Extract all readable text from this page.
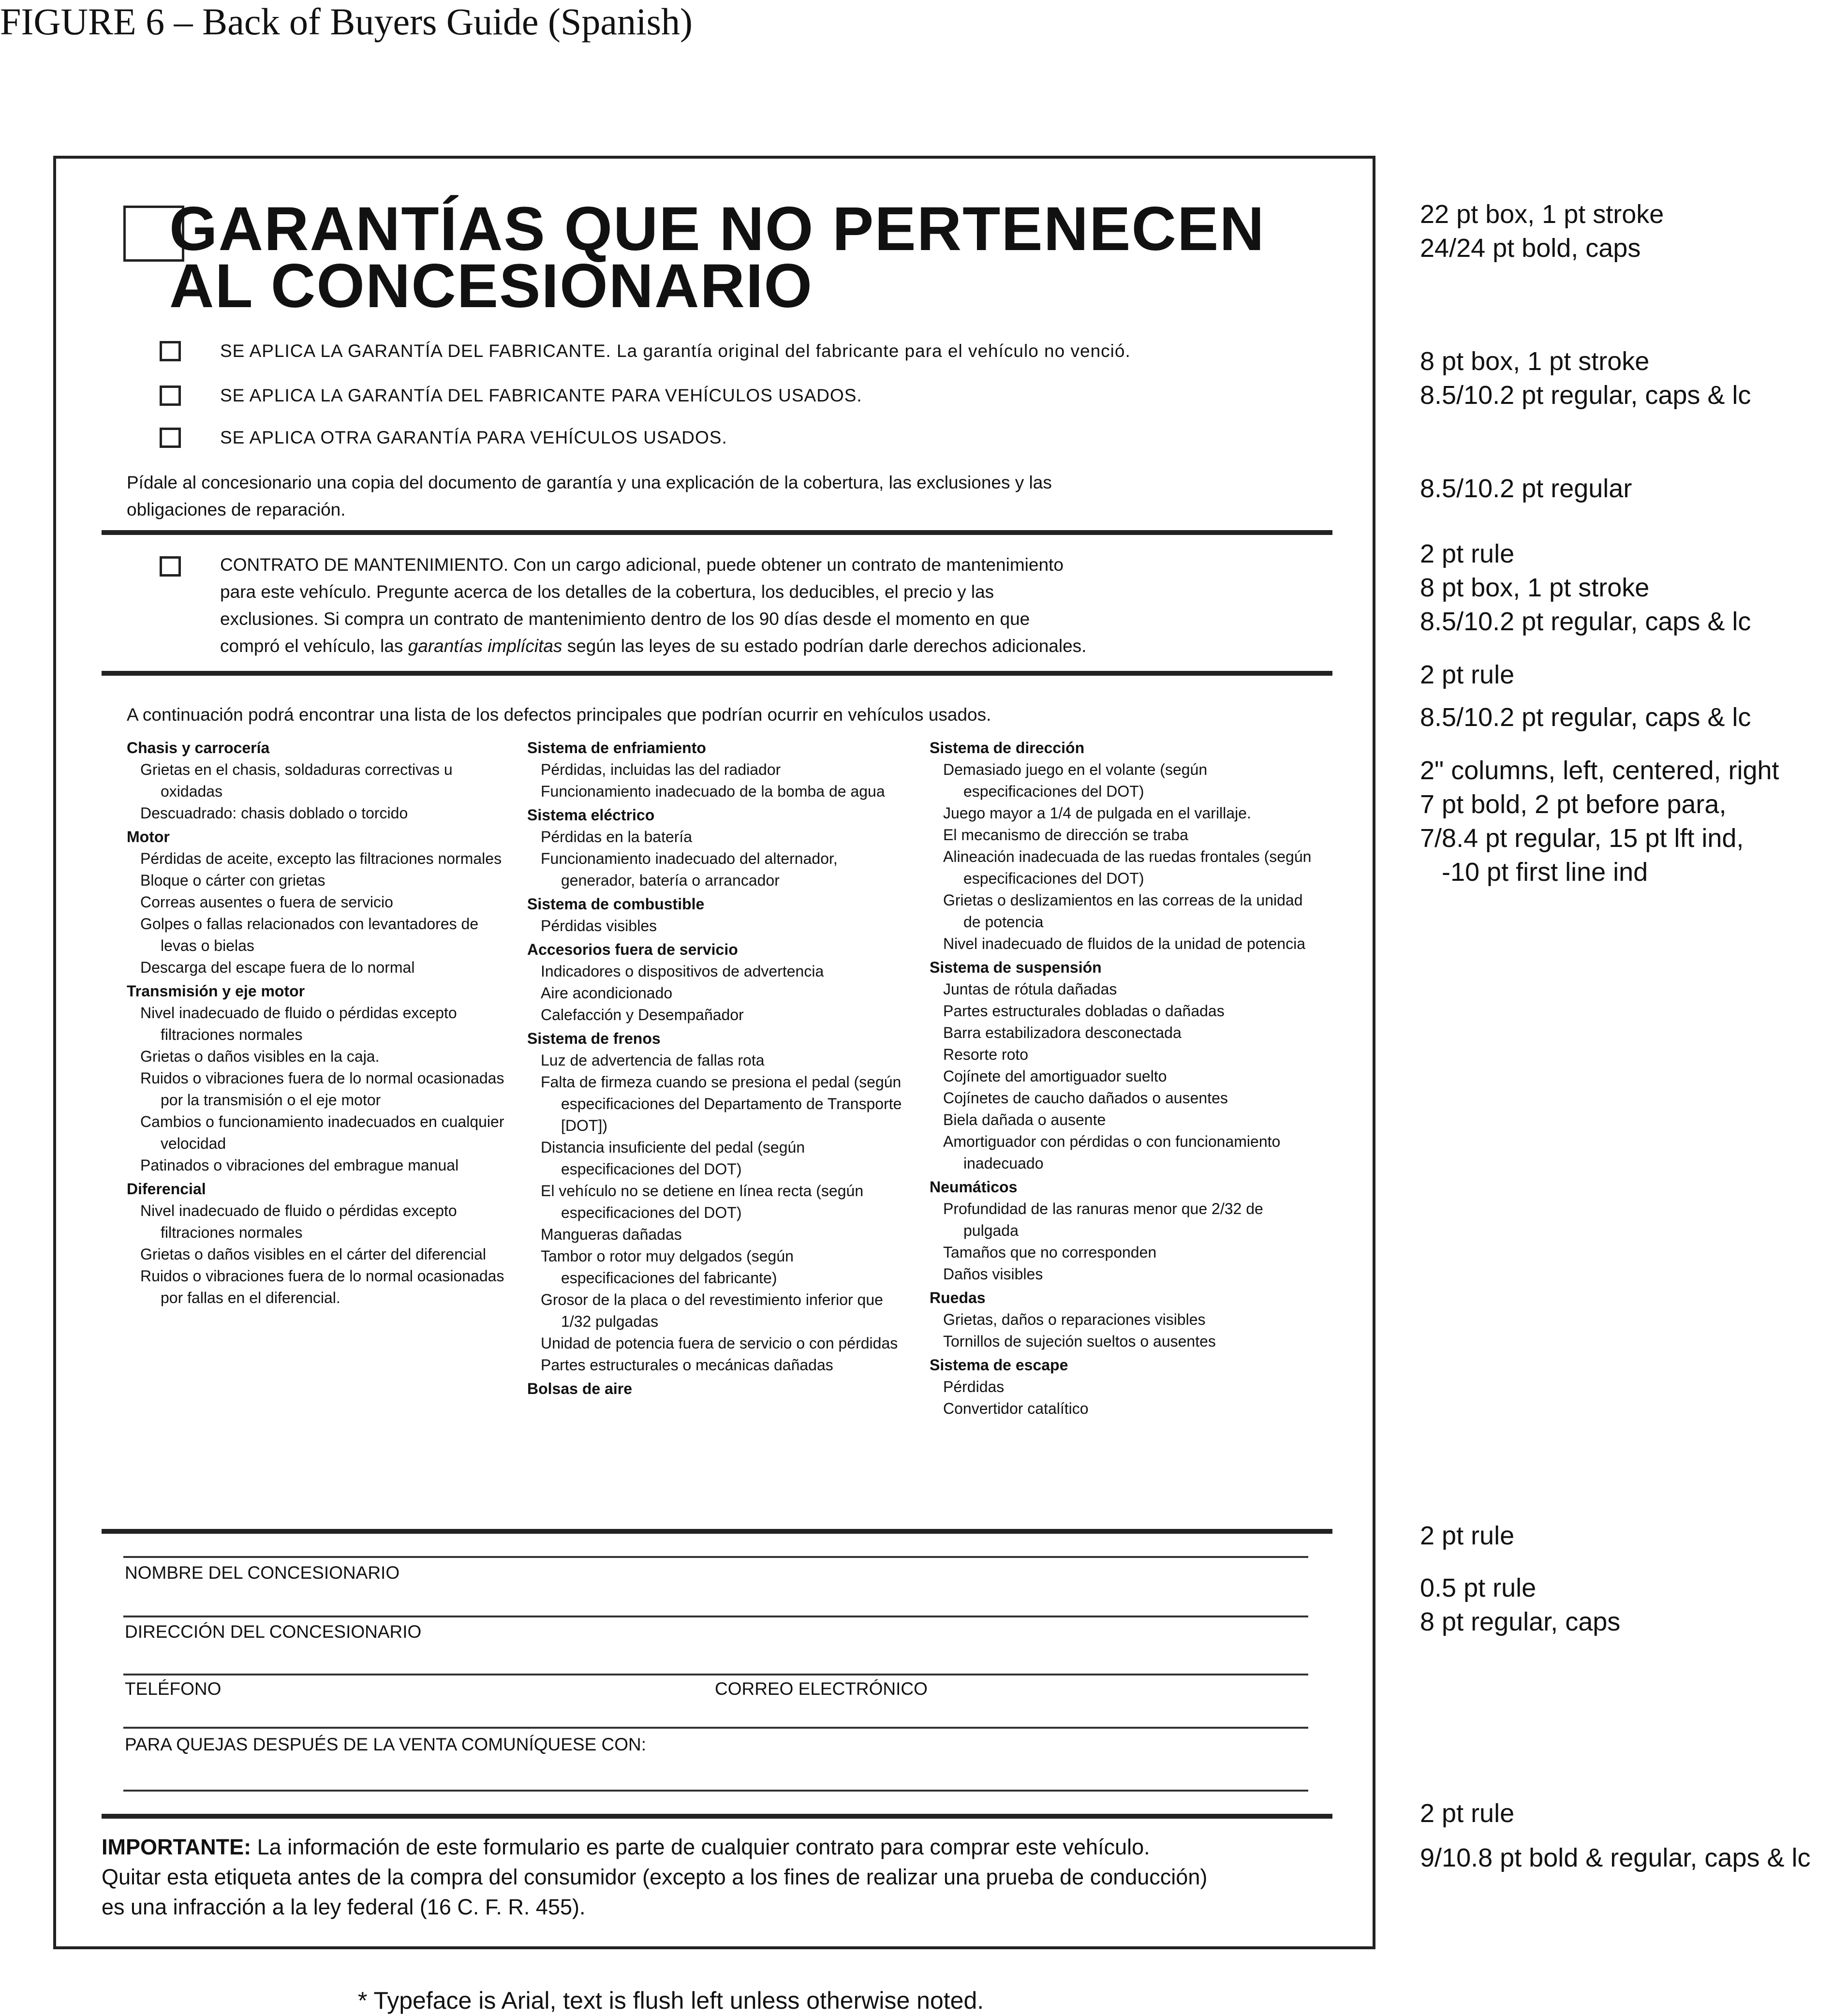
FIGURE 6 – Back of Buyers Guide (Spanish)
GARANTÍAS QUE NO PERTENECEN
AL CONCESIONARIO
SE APLICA LA GARANTÍA DEL FABRICANTE. La garantía original del fabricante para el vehículo no venció.
SE APLICA LA GARANTÍA DEL FABRICANTE PARA VEHÍCULOS USADOS.
SE APLICA OTRA GARANTÍA PARA VEHÍCULOS USADOS.
Pídale al concesionario una copia del documento de garantía y una explicación de la cobertura, las exclusiones y las
obligaciones de reparación.
CONTRATO DE MANTENIMIENTO. Con un cargo adicional, puede obtener un contrato de mantenimiento
para este vehículo. Pregunte acerca de los detalles de la cobertura, los deducibles, el precio y las
exclusiones. Si compra un contrato de mantenimiento dentro de los 90 días desde el momento en que
compró el vehículo, las garantías implícitas según las leyes de su estado podrían darle derechos adicionales.
A continuación podrá encontrar una lista de los defectos principales que podrían ocurrir en vehículos usados.
Chasis y carrocería
Grietas en el chasis, soldaduras correctivas u oxidadas
Descuadrado: chasis doblado o torcido
Motor
Pérdidas de aceite, excepto las filtraciones normales
Bloque o cárter con grietas
Correas ausentes o fuera de servicio
Golpes o fallas relacionados con levantadores de levas o bielas
Descarga del escape fuera de lo normal
Transmisión y eje motor
Nivel inadecuado de fluido o pérdidas excepto filtraciones normales
Grietas o daños visibles en la caja.
Ruidos o vibraciones fuera de lo normal ocasionadas por la transmisión o el eje motor
Cambios o funcionamiento inadecuados en cualquier velocidad
Patinados o vibraciones del embrague manual
Diferencial
Nivel inadecuado de fluido o pérdidas excepto filtraciones normales
Grietas o daños visibles en el cárter del diferencial
Ruidos o vibraciones fuera de lo normal ocasionadas por fallas en el diferencial.
Sistema de enfriamiento
Pérdidas, incluidas las del radiador
Funcionamiento inadecuado de la bomba de agua
Sistema eléctrico
Pérdidas en la batería
Funcionamiento inadecuado del alternador, generador, batería o arrancador
Sistema de combustible
Pérdidas visibles
Accesorios fuera de servicio
Indicadores o dispositivos de advertencia
Aire acondicionado
Calefacción y Desempañador
Sistema de frenos
Luz de advertencia de fallas rota
Falta de firmeza cuando se presiona el pedal (según especificaciones del Departamento de Transporte [DOT])
Distancia insuficiente del pedal (según especificaciones del DOT)
El vehículo no se detiene en línea recta (según especificaciones del DOT)
Mangueras dañadas
Tambor o rotor muy delgados (según especificaciones del fabricante)
Grosor de la placa o del revestimiento inferior que 1/32 pulgadas
Unidad de potencia fuera de servicio o con pérdidas
Partes estructurales o mecánicas dañadas
Bolsas de aire
Sistema de dirección
Demasiado juego en el volante (según especificaciones del DOT)
Juego mayor a 1/4 de pulgada en el varillaje.
El mecanismo de dirección se traba
Alineación inadecuada de las ruedas frontales (según especificaciones del DOT)
Grietas o deslizamientos en las correas de la unidad de potencia
Nivel inadecuado de fluidos de la unidad de potencia
Sistema de suspensión
Juntas de rótula dañadas
Partes estructurales dobladas o dañadas
Barra estabilizadora desconectada
Resorte roto
Cojínete del amortiguador suelto
Cojínetes de caucho dañados o ausentes
Biela dañada o ausente
Amortiguador con pérdidas o con funcionamiento inadecuado
Neumáticos
Profundidad de las ranuras menor que 2/32 de pulgada
Tamaños que no corresponden
Daños visibles
Ruedas
Grietas, daños o reparaciones visibles
Tornillos de sujeción sueltos o ausentes
Sistema de escape
Pérdidas
Convertidor catalítico
NOMBRE DEL CONCESIONARIO
DIRECCIÓN DEL CONCESIONARIO
TELÉFONO	CORREO ELECTRÓNICO
PARA QUEJAS DESPUÉS DE LA VENTA COMUNÍQUESE CON:
IMPORTANTE: La información de este formulario es parte de cualquier contrato para comprar este vehículo.
Quitar esta etiqueta antes de la compra del consumidor (excepto a los fines de realizar una prueba de conducción)
es una infracción a la ley federal (16 C. F. R. 455).
22 pt box, 1 pt stroke
24/24 pt bold, caps
8 pt box, 1 pt stroke
8.5/10.2 pt regular, caps & lc
8.5/10.2 pt regular
2 pt rule
8 pt box, 1 pt stroke
8.5/10.2 pt regular, caps & lc
2 pt rule
8.5/10.2 pt regular, caps & lc
2" columns, left, centered, right
7 pt bold, 2 pt before para,
7/8.4 pt regular, 15 pt lft ind,
-10 pt first line ind
2 pt rule
0.5 pt rule
8 pt regular, caps
2 pt rule
9/10.8 pt bold & regular, caps & lc
* Typeface is Arial, text is flush left unless otherwise noted.
